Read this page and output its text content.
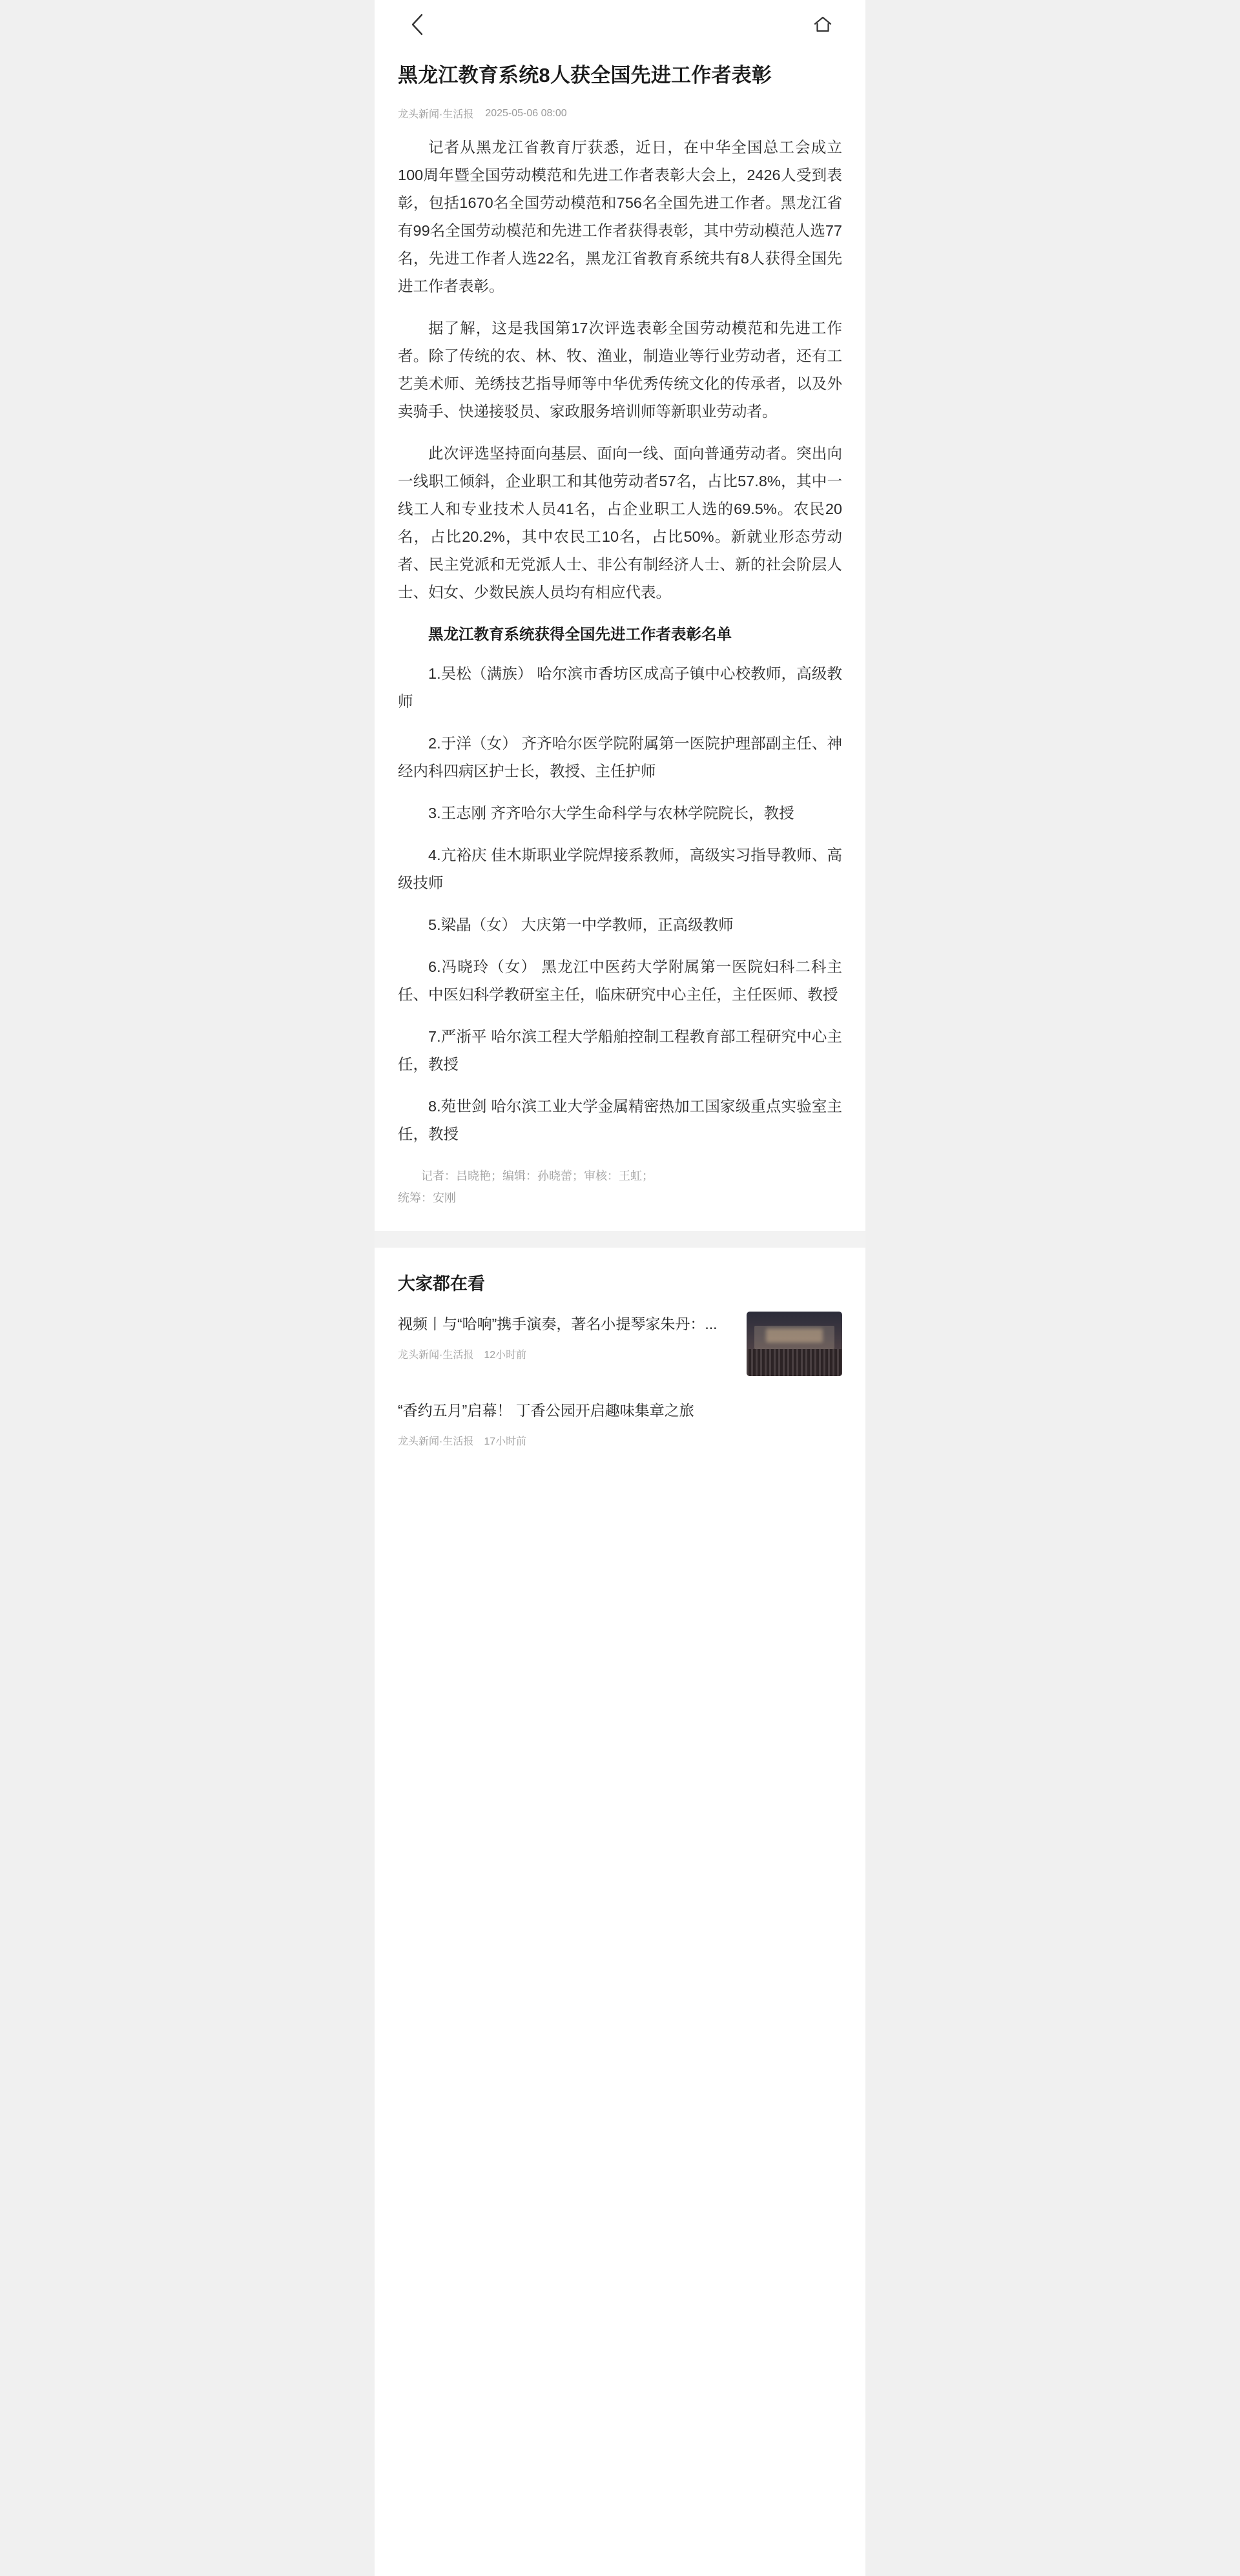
黑龙江教育系统8人获全国先进工作者表彰
龙头新闻·生活报 2025-05-06 08:00

记者从黑龙江省教育厅获悉，近日，在中华全国总工会成立100周年暨全国劳动模范和先进工作者表彰大会上，2426人受到表彰，包括1670名全国劳动模范和756名全国先进工作者。黑龙江省有99名全国劳动模范和先进工作者获得表彰，其中劳动模范人选77名，先进工作者人选22名，黑龙江省教育系统共有8人获得全国先进工作者表彰。

据了解，这是我国第17次评选表彰全国劳动模范和先进工作者。除了传统的农、林、牧、渔业，制造业等行业劳动者，还有工艺美术师、羌绣技艺指导师等中华优秀传统文化的传承者，以及外卖骑手、快递接驳员、家政服务培训师等新职业劳动者。

此次评选坚持面向基层、面向一线、面向普通劳动者。突出向一线职工倾斜，企业职工和其他劳动者57名，占比57.8%，其中一线工人和专业技术人员41名，占企业职工人选的69.5%。农民20名，占比20.2%，其中农民工10名，占比50%。新就业形态劳动者、民主党派和无党派人士、非公有制经济人士、新的社会阶层人士、妇女、少数民族人员均有相应代表。

黑龙江教育系统获得全国先进工作者表彰名单

1.吴松（满族） 哈尔滨市香坊区成高子镇中心校教师，高级教师

2.于洋（女） 齐齐哈尔医学院附属第一医院护理部副主任、神经内科四病区护士长，教授、主任护师

3.王志刚 齐齐哈尔大学生命科学与农林学院院长，教授

4.亢裕庆 佳木斯职业学院焊接系教师，高级实习指导教师、高级技师

5.梁晶（女） 大庆第一中学教师，正高级教师

6.冯晓玲（女） 黑龙江中医药大学附属第一医院妇科二科主任、中医妇科学教研室主任，临床研究中心主任，主任医师、教授

7.严浙平 哈尔滨工程大学船舶控制工程教育部工程研究中心主任，教授

8.苑世剑 哈尔滨工业大学金属精密热加工国家级重点实验室主任，教授

记者：吕晓艳；编辑：孙晓蕾；审核：王虹；
统筹：安刚
大家都在看
视频丨与“哈响”携手演奏，著名小提琴家朱丹：...
龙头新闻·生活报 12小时前
“香约五月”启幕！ 丁香公园开启趣味集章之旅
龙头新闻·生活报 17小时前
